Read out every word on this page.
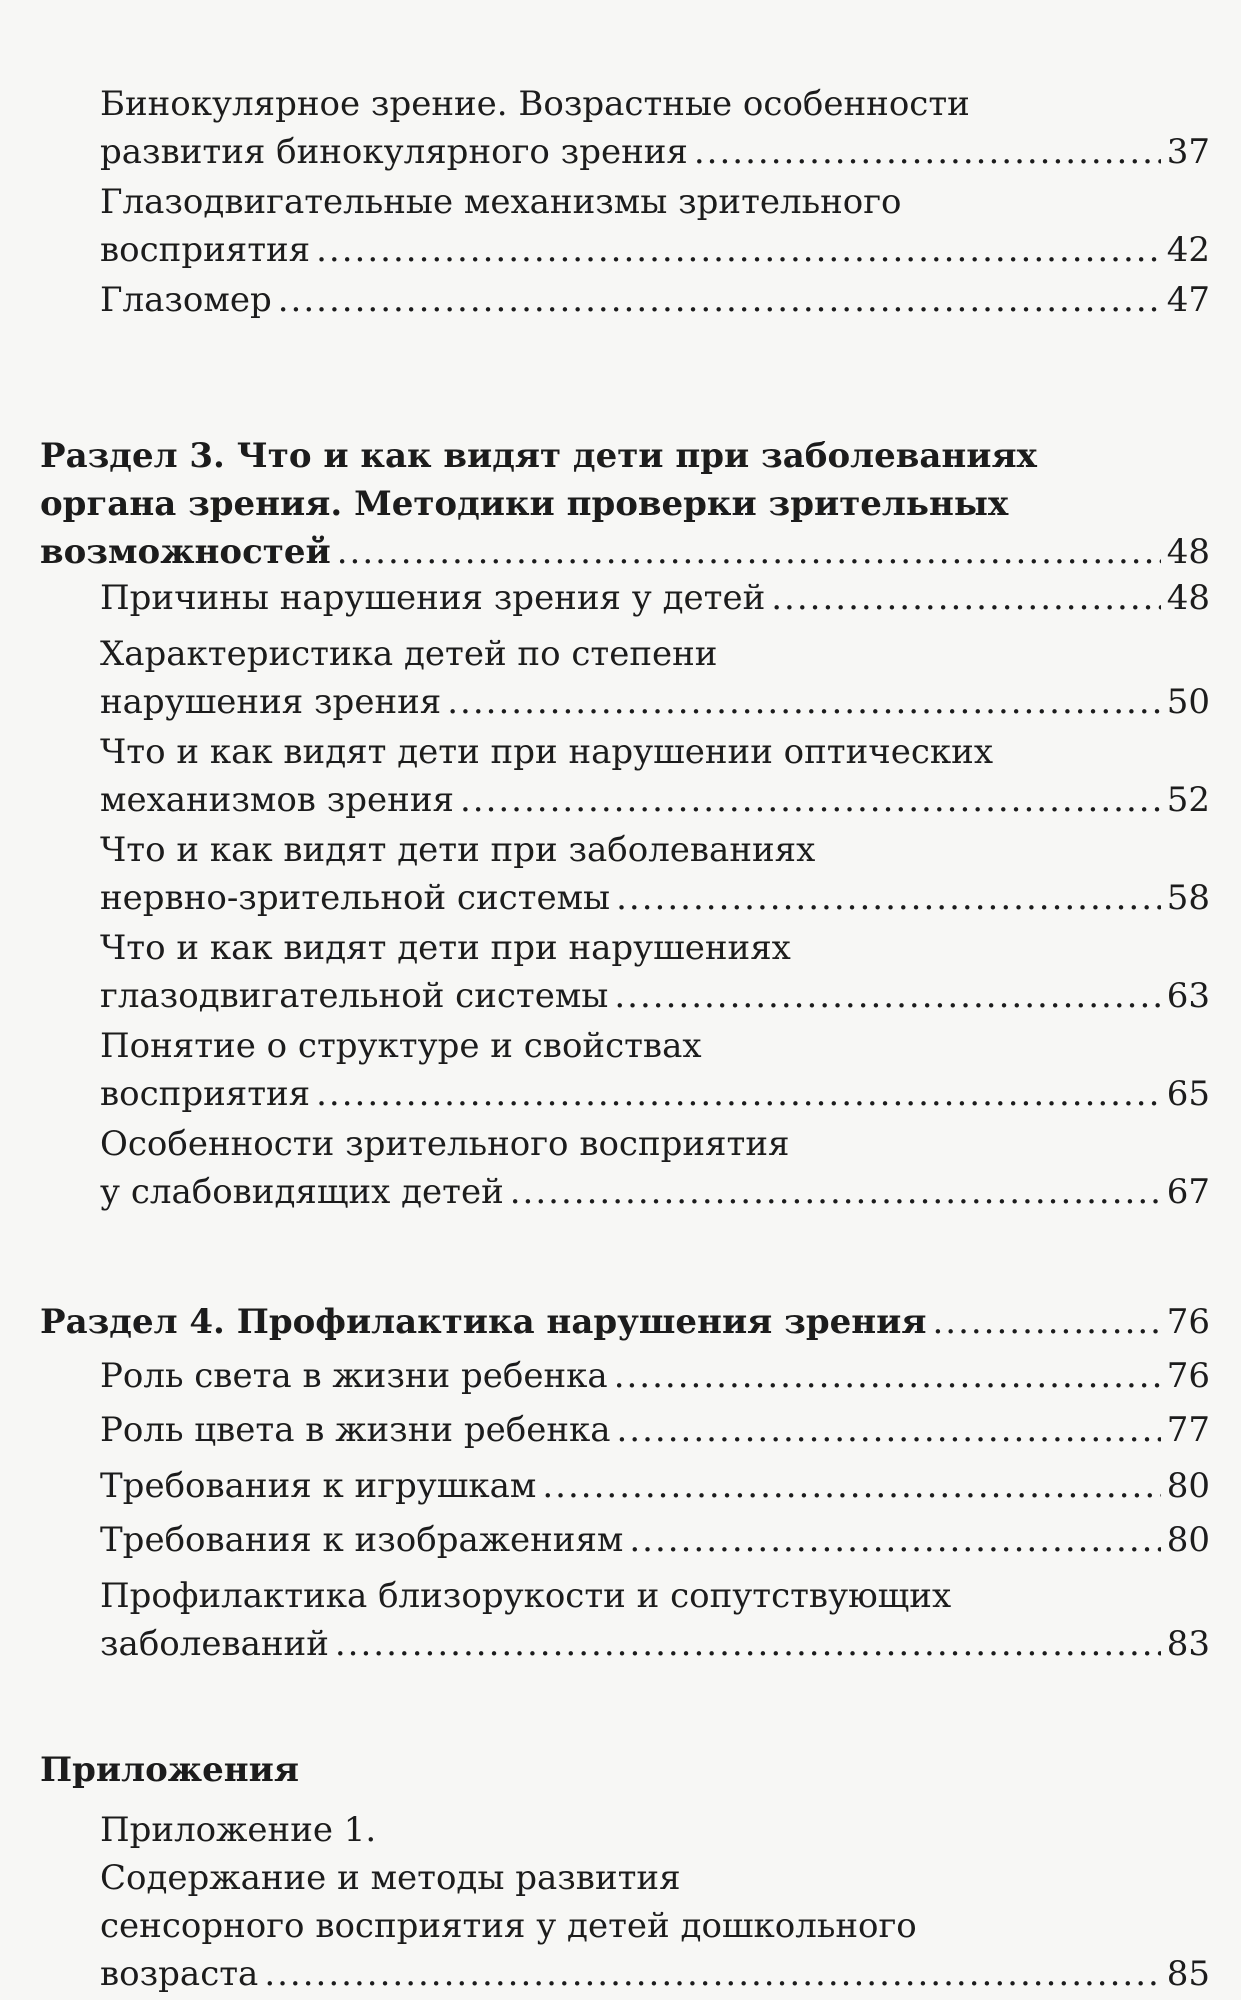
Бинокулярное зрение. Возрастные особенности
развития бинокулярного зрения .....	37
Глазодвигательные механизмы зрительного
восприятия .....	42
Глазомер .....	47
Раздел 3. Что и как видят дети при заболеваниях
органа зрения. Методики проверки зрительных
возможностей .....	48
Причины нарушения зрения у детей .....	48
Характеристика детей по степени
нарушения зрения .....	50
Что и как видят дети при нарушении оптических
механизмов зрения .....	52
Что и как видят дети при заболеваниях
нервно-зрительной системы .....	58
Что и как видят дети при нарушениях
глазодвигательной системы .....	63
Понятие о структуре и свойствах
восприятия .....	65
Особенности зрительного восприятия
у слабовидящих детей .....	67
Раздел 4. Профилактика нарушения зрения .....	76
Роль света в жизни ребенка .....	76
Роль цвета в жизни ребенка .....	77
Требования к игрушкам .....	80
Требования к изображениям .....	80
Профилактика близорукости и сопутствующих
заболеваний .....	83
Приложения
Приложение 1.
Содержание и методы развития
сенсорного восприятия у детей дошкольного
возраста .....	85
